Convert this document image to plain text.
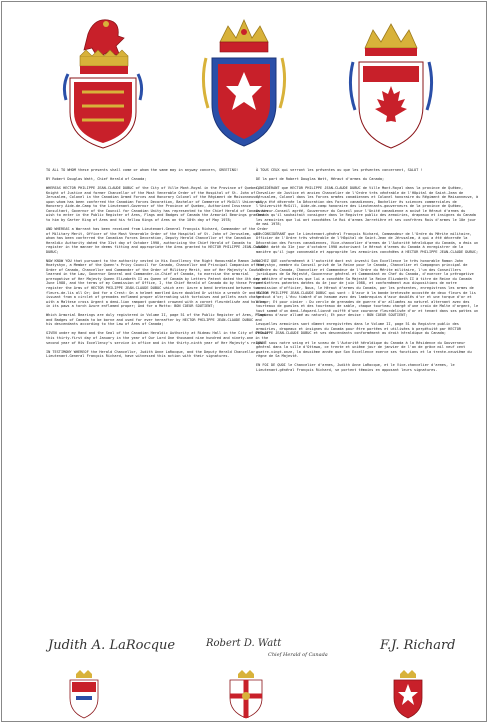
TO ALL TO WHOM these presents shall come or whom the same may in anyway concern, GREETING!

BY Robert Douglas Watt, Chief Herald of Canada;

WHEREAS HECTOR PHILIPPE JEAN-CLAUDE DUBUC of the City of Ville Mont-Royal in the Province of Quebec, Knight of Justice and former Chancellor of the Most Venerable Order of the Hospital of St. John of Jerusalem, Colonel in the Canadian Armed Forces and Honorary Colonel of the Régiment de Maisonneuve, upon whom has been conferred the Canadian Forces Decoration, Bachelor of Commerce of McGill University, Honorary Aide-de-Camp to the Lieutenant-Governor of the Province of Quebec, Authorized Insurance Consultant, Governor of the Council for Canadian Unity has represented to the Chief Herald of Canada his wish to enter in the Public Register of Arms, Flags and Badges of Canada the Armorial Bearings granted to him by Garter King of Arms and his fellow Kings of Arms on the 10th day of May 1978;

AND WHEREAS a Warrant has been received from Lieutenant-General François Richard, Commander of the Order of Military Merit, Officer of the Most Venerable Order of the Hospital of St. John of Jerusalem, upon whom has been conferred the Canadian Forces Decoration, Deputy Herald Chancellor of the Canadian Heraldic Authority dated the 31st day of October 1990, authorizing the Chief Herald of Canada to register in the manner he deems fitting and appropriate the Arms granted to HECTOR PHILIPPE JEAN-CLAUDE DUBUC;

NOW KNOW YOU that pursuant to the authority vested in His Excellency the Right Honourable Ramon John Hnatyshyn, a Member of the Queen's Privy Council for Canada, Chancellor and Principal Companion of the Order of Canada, Chancellor and Commander of the Order of Military Merit, one of Her Majesty's Counsel learned in the Law, Governor General and Commander-in-Chief of Canada, to exercise the armorial prerogative of Her Majesty Queen Elizabeth II as Queen of Canada by Letters Patent dated the 4th day of June 1988, and the terms of my Commission of Office, I, the Chief Herald of Canada do by these Presents register the Arms of HECTOR PHILIPPE JEAN-CLAUDE DUBUC which are: Azure a bend bretessed between two fleurs-de-lis all Or; And for a Crest: On a helmet mantled Azure doubled Or within a wreath Or and Azure issuant from a circlet of grenades enflamed proper alternating with tortoises and pellets each charged with a Maltese cross Argent a demi-lion rampant guardant crowned with a cornet fleurdelisée and holding in its paws a torch Azure enflamed proper; And for a Motto: BON COEUR SOUTIENT;

Which Armorial Bearings are duly registered in Volume II, page 51 of the Public Register of Arms, Flags and Badges of Canada to be borne and used for ever hereafter by HECTOR PHILIPPE JEAN-CLAUDE DUBUC and his descendants according to the Law of Arms of Canada;

GIVEN under my Hand and the Seal of the Canadian Heraldic Authority at Rideau Hall in the City of Ottawa this thirty-first day of January in the year of Our Lord One thousand nine hundred and ninety-one in the second year of His Excellency's service in office and in the thirty-ninth year of Her Majesty's reign.

IN TESTIMONY WHEREOF the Herald Chancellor, Judith Anne LaRocque, and the Deputy Herald Chancellor, Lieutenant-General François Richard, have witnessed this action with their signatures.

À TOUS CEUX qui verront les présentes ou que les présentes concernent, SALUT !

DE la part de Robert Douglas Watt, Héraut d'armes du Canada;

CONSIDÉRANT que HECTOR PHILIPPE JEAN-CLAUDE DUBUC de Ville Mont-Royal dans la province de Québec, Chevalier de Justice et ancien Chancelier de l'Ordre très vénérable de l'Hôpital de Saint-Jean de Jérusalem, Colonel dans les Forces armées canadiennes et Colonel honoraire du Régiment de Maisonneuve, à qui a été décernée la Décoration des Forces canadiennes, Bachelier ès sciences commerciales de l'Université McGill, Aide-de-camp honoraire des Lieutenants-gouverneurs de la province de Québec, Assureur-Conseil agréé, Gouverneur du Conseil pour l'Unité canadienne a avisé le Héraut d'armes du Canada qu'il souhaitait consigner dans le Registre public des armoiries, drapeaux et insignes du Canada les armoiries que lui ont concédées le Roi d'armes Jarretière et ses confrères Rois d'armes le 10e jour de mai 1978;

ET CONSIDÉRANT que le Lieutenant-général François Richard, Commandeur de l'Ordre du Mérite militaire, Officier de l'Ordre très vénérable de l'Hôpital de Saint-Jean de Jérusalem, à qui a été décernée la Décoration des Forces canadiennes, Vice-chancelier d'armes de l'Autorité héraldique du Canada, a émis un mandat daté du 31e jour d'octobre 1990 autorisant le Héraut d'armes du Canada à enregistrer de la manière qu'il juge convenable et appropriée les armoiries concédées à HECTOR PHILIPPE JEAN-CLAUDE DUBUC;

SACHEZ QUE conformément à l'autorité dont est investi Son Excellence le très honorable Ramon John Hnatyshyn, membre du Conseil privé de la Reine pour le Canada, Chancelier et Compagnon principal de l'Ordre du Canada, Chancelier et Commandeur de l'Ordre du Mérite militaire, l'un des Conseillers juridiques de Sa Majesté, Gouverneur général et Commandant en Chef du Canada, d'exercer la prérogative en matière d'armoiries que lui a concédée Sa Majesté la Reine Elizabeth II à titre de Reine du Canada par lettres patentes datées du 4e jour de juin 1988, et conformément aux dispositions de notre commission d'officier, Nous, le Héraut d'armes du Canada, par les présentes, enregistrons les armes de HECTOR PHILIPPE JEAN-CLAUDE DUBUC qui sont : D'azur à la bande bretessée accostée de deux fleurs de lis le tout d'or; L'écu timbré d'un heaume avec des lambrequins d'azur doublés d'or et une torque d'or et d'azur; Et pour cimier : Du cercle de grenades de guerre d'or allumées au naturel alternant avec des tourteaux de gueules et des tourteaux de sable, chaque tourteau chargé d'une croix de Malte d'argent, le tout sommé d'un demi-léopard-lionné coiffé d'une couronne fleurdelisée d'or et tenant dans ses pattes un flambeau d'azur allumé au naturel; Et pour devise : BON COEUR SOUTIENT;

Lesquelles armoiries sont dûment enregistrées dans le Volume II, page 51 du Registre public des armoiries, drapeaux et insignes du Canada pour être portées et utilisées à perpétuité par HECTOR PHILIPPE JEAN-CLAUDE DUBUC et ses descendants conformément au droit héraldique du Canada;

DONNÉ sous notre seing et le sceau de l'Autorité héraldique du Canada à la Résidence du Gouverneur général dans la ville d'Ottawa, ce trente et unième jour de janvier de l'an de grâce mil neuf cent quatre-vingt-onze, la deuxième année que Son Excellence exerce ses fonctions et la trente-neuvième du règne de Sa Majesté.

EN FOI DE QUOI le Chancelier d'armes, Judith Anne LaRocque, et le Vice-chancelier d'armes, le Lieutenant-général François Richard, se portent témoins en apposant leurs signatures.

Judith A. LaRocque	Robert D. Watt
Chief Herald of Canada
F.J. Richard
